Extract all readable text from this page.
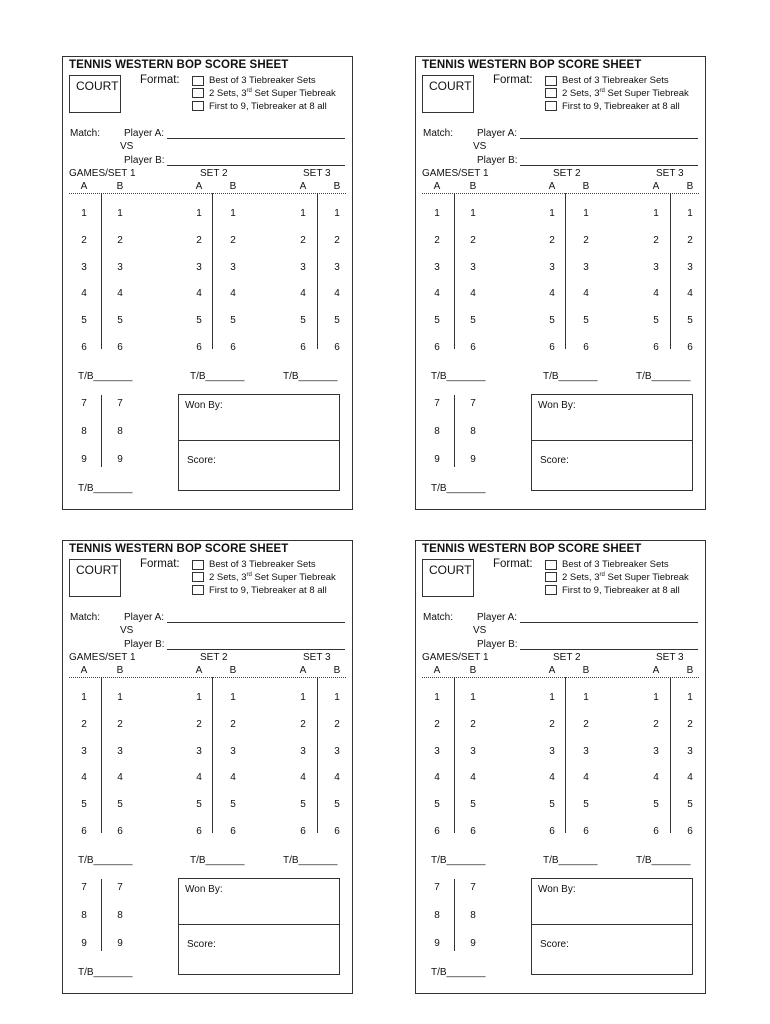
TENNIS WESTERN BOP SCORE SHEET
COURT Format:	Best of 3 Tiebreaker Sets
2 Sets, 3rd Set Super Tiebreak
First to 9, Tiebreaker at 8 all
Match: Player A:
VS
Player B:
GAMES/SET 1	SET 2	SET 3
A	B	A	B	A	B
1	1	1	1	1	1
2	2	2	2	2	2
3	3	3	3	3	3
4	4	4	4	4	4
5	5	5	5	5	5
6	6	6	6	6	6
7	7
8	8
9	9
T/B_______	T/B_______	T/B_______
Won By:
Score:
T/B_______
TENNIS WESTERN BOP SCORE SHEET
COURT Format:	Best of 3 Tiebreaker Sets
2 Sets, 3rd Set Super Tiebreak
First to 9, Tiebreaker at 8 all
Match: Player A:
VS
Player B:
GAMES/SET 1	SET 2	SET 3
A	B	A	B	A	B
1	1	1	1	1	1
2	2	2	2	2	2
3	3	3	3	3	3
4	4	4	4	4	4
5	5	5	5	5	5
6	6	6	6	6	6
7	7
8	8
9	9
T/B_______	T/B_______	T/B_______
Won By:
Score:
T/B_______
TENNIS WESTERN BOP SCORE SHEET
COURT Format:	Best of 3 Tiebreaker Sets
2 Sets, 3rd Set Super Tiebreak
First to 9, Tiebreaker at 8 all
Match: Player A:
VS
Player B:
GAMES/SET 1	SET 2	SET 3
A	B	A	B	A	B
1	1	1	1	1	1
2	2	2	2	2	2
3	3	3	3	3	3
4	4	4	4	4	4
5	5	5	5	5	5
6	6	6	6	6	6
7	7
8	8
9	9
T/B_______	T/B_______	T/B_______
Won By:
Score:
T/B_______
TENNIS WESTERN BOP SCORE SHEET
COURT Format:	Best of 3 Tiebreaker Sets
2 Sets, 3rd Set Super Tiebreak
First to 9, Tiebreaker at 8 all
Match: Player A:
VS
Player B:
GAMES/SET 1	SET 2	SET 3
A	B	A	B	A	B
1	1	1	1	1	1
2	2	2	2	2	2
3	3	3	3	3	3
4	4	4	4	4	4
5	5	5	5	5	5
6	6	6	6	6	6
7	7
8	8
9	9
T/B_______	T/B_______	T/B_______
Won By:
Score:
T/B_______
